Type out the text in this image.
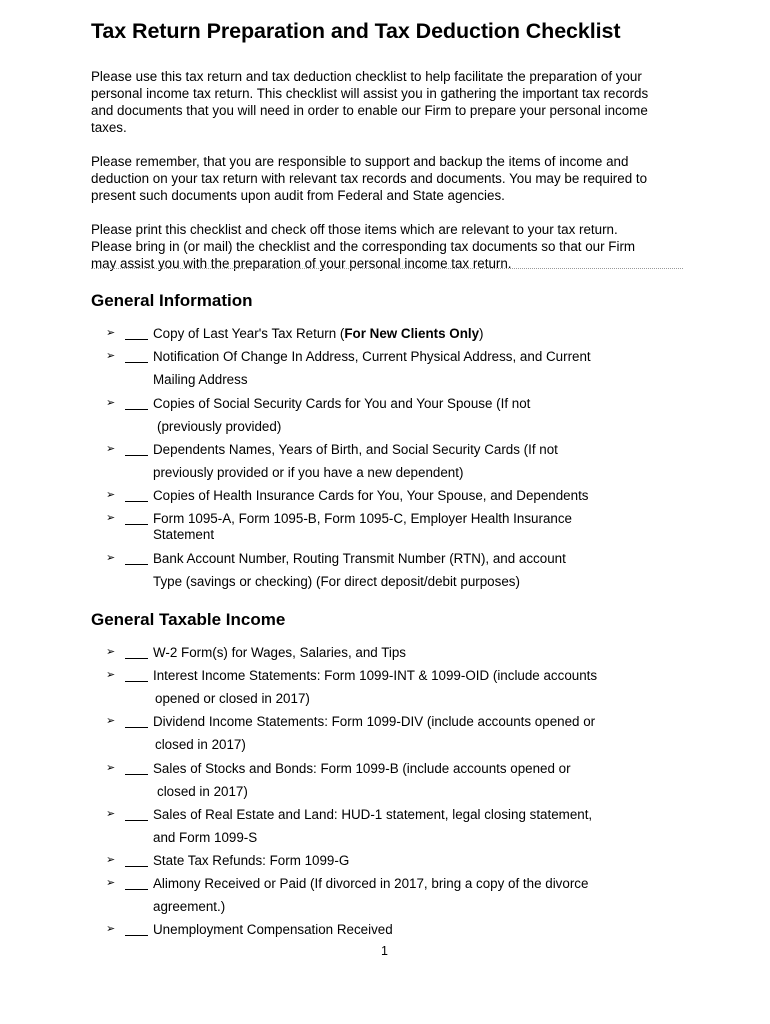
Tax Return Preparation and Tax Deduction Checklist

Please use this tax return and tax deduction checklist to help facilitate the preparation of your
personal income tax return. This checklist will assist you in gathering the important tax records
and documents that you will need in order to enable our Firm to prepare your personal income
taxes.

Please remember, that you are responsible to support and backup the items of income and
deduction on your tax return with relevant tax records and documents. You may be required to
present such documents upon audit from Federal and State agencies.

Please print this checklist and check off those items which are relevant to your tax return.
Please bring in (or mail) the checklist and the corresponding tax documents so that our Firm
may assist you with the preparation of your personal income tax return.

General Information
➢	Copy of Last Year's Tax Return (For New Clients Only)
➢	Notification Of Change In Address, Current Physical Address, and Current
Mailing Address
➢	Copies of Social Security Cards for You and Your Spouse (If not
(previously provided)
➢	Dependents Names, Years of Birth, and Social Security Cards (If not
previously provided or if you have a new dependent)
➢	Copies of Health Insurance Cards for You, Your Spouse, and Dependents
➢	Form 1095-A, Form 1095-B, Form 1095-C, Employer Health Insurance
Statement
➢	Bank Account Number, Routing Transmit Number (RTN), and account
Type (savings or checking) (For direct deposit/debit purposes)
General Taxable Income
➢	W-2 Form(s) for Wages, Salaries, and Tips
➢	Interest Income Statements: Form 1099-INT & 1099-OID (include accounts
opened or closed in 2017)
➢	Dividend Income Statements: Form 1099-DIV (include accounts opened or
closed in 2017)
➢	Sales of Stocks and Bonds: Form 1099-B (include accounts opened or
closed in 2017)
➢	Sales of Real Estate and Land: HUD-1 statement, legal closing statement,
and Form 1099-S
➢	State Tax Refunds: Form 1099-G
➢	Alimony Received or Paid (If divorced in 2017, bring a copy of the divorce
agreement.)
➢	Unemployment Compensation Received
1
